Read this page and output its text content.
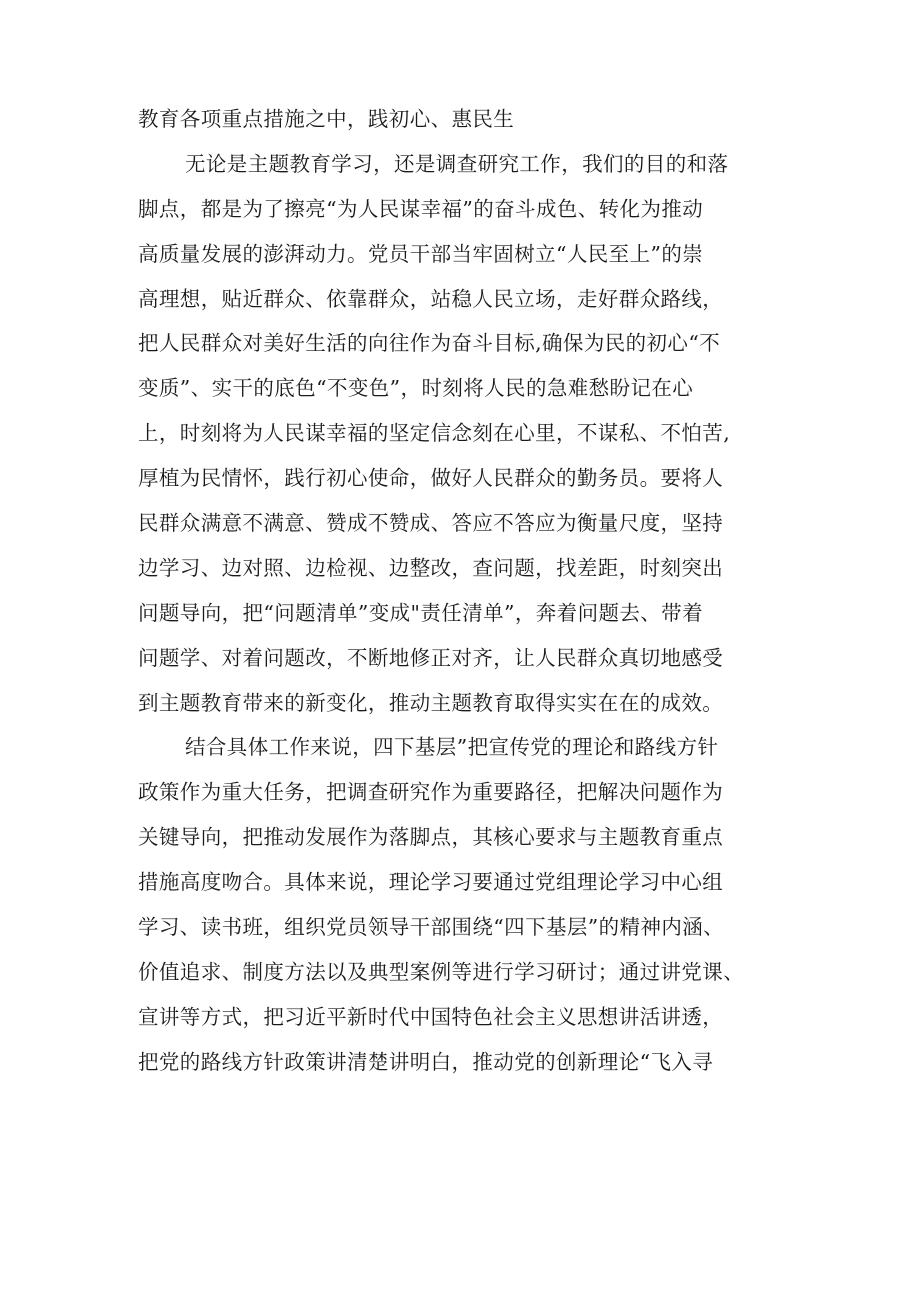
教育各项重点措施之中，践初心、惠民生
无论是主题教育学习，还是调查研究工作，我们的目的和落
脚点，都是为了擦亮“为人民谋幸福”的奋斗成色、转化为推动
高质量发展的澎湃动力。党员干部当牢固树立“人民至上”的崇
高理想，贴近群众、依靠群众，站稳人民立场，走好群众路线，
把人民群众对美好生活的向往作为奋斗目标,确保为民的初心“不
变质”、实干的底色“不变色”，时刻将人民的急难愁盼记在心
上，时刻将为人民谋幸福的坚定信念刻在心里，不谋私、不怕苦,
厚植为民情怀，践行初心使命，做好人民群众的勤务员。要将人
民群众满意不满意、赞成不赞成、答应不答应为衡量尺度，坚持
边学习、边对照、边检视、边整改，查问题，找差距，时刻突出
问题导向，把“问题清单”变成"责任清单”，奔着问题去、带着
问题学、对着问题改，不断地修正对齐，让人民群众真切地感受
到主题教育带来的新变化，推动主题教育取得实实在在的成效。
结合具体工作来说，四下基层”把宣传党的理论和路线方针
政策作为重大任务，把调查研究作为重要路径，把解决问题作为
关键导向，把推动发展作为落脚点，其核心要求与主题教育重点
措施高度吻合。具体来说，理论学习要通过党组理论学习中心组
学习、读书班，组织党员领导干部围绕“四下基层”的精神内涵、
价值追求、制度方法以及典型案例等进行学习研讨；通过讲党课、
宣讲等方式，把习近平新时代中国特色社会主义思想讲活讲透，
把党的路线方针政策讲清楚讲明白，推动党的创新理论“飞入寻
